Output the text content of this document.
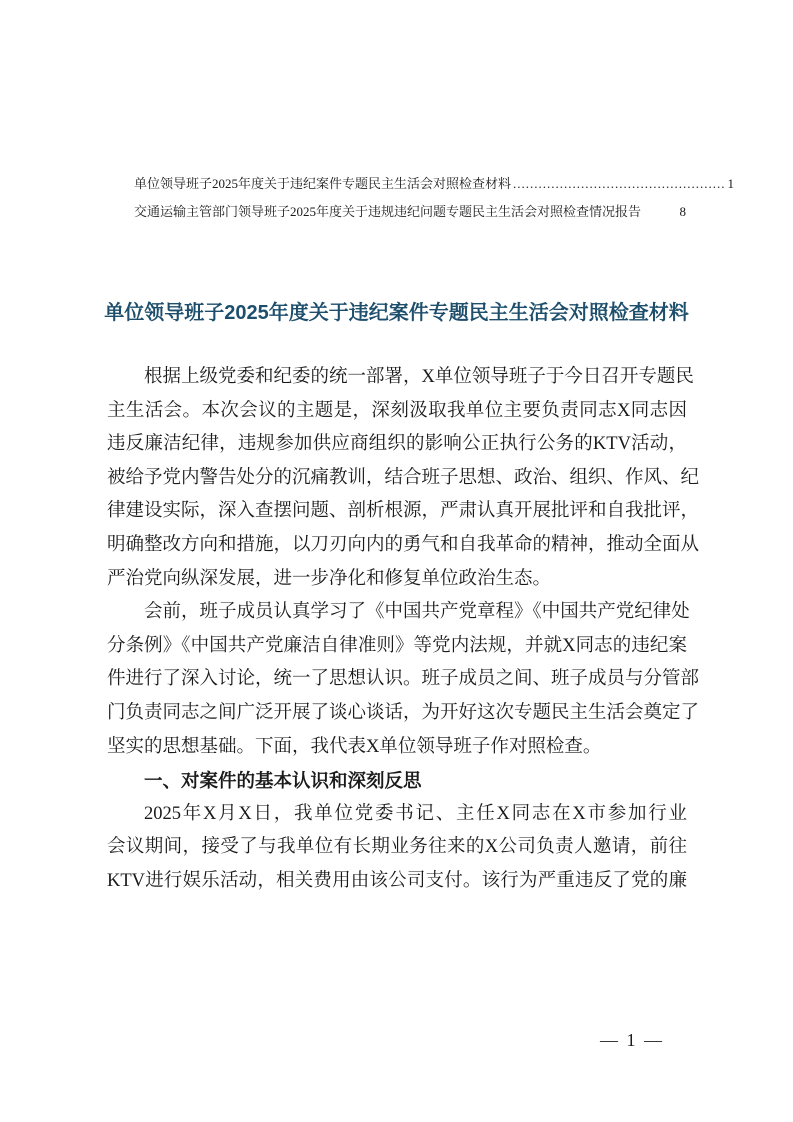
单位领导班子2025年度关于违纪案件专题民主生活会对照检查材料 .................................................. 1
交通运输主管部门领导班子2025年度关于违规违纪问题专题民主生活会对照检查情况报告	8
单位领导班子2025年度关于违纪案件专题民主生活会对照检查材料
根据上级党委和纪委的统一部署，X单位领导班子于今日召开专题民
主生活会。本次会议的主题是，深刻汲取我单位主要负责同志X同志因
违反廉洁纪律，违规参加供应商组织的影响公正执行公务的KTV活动，
被给予党内警告处分的沉痛教训，结合班子思想、政治、组织、作风、纪
律建设实际，深入查摆问题、剖析根源，严肃认真开展批评和自我批评，
明确整改方向和措施，以刀刃向内的勇气和自我革命的精神，推动全面从
严治党向纵深发展，进一步净化和修复单位政治生态。
会前，班子成员认真学习了《中国共产党章程》《中国共产党纪律处
分条例》《中国共产党廉洁自律准则》等党内法规，并就X同志的违纪案
件进行了深入讨论，统一了思想认识。班子成员之间、班子成员与分管部
门负责同志之间广泛开展了谈心谈话，为开好这次专题民主生活会奠定了
坚实的思想基础。下面，我代表X单位领导班子作对照检查。
一、对案件的基本认识和深刻反思
2025年X月X日，我单位党委书记、主任X同志在X市参加行业
会议期间，接受了与我单位有长期业务往来的X公司负责人邀请，前往
KTV进行娱乐活动，相关费用由该公司支付。该行为严重违反了党的廉
— 1 —
